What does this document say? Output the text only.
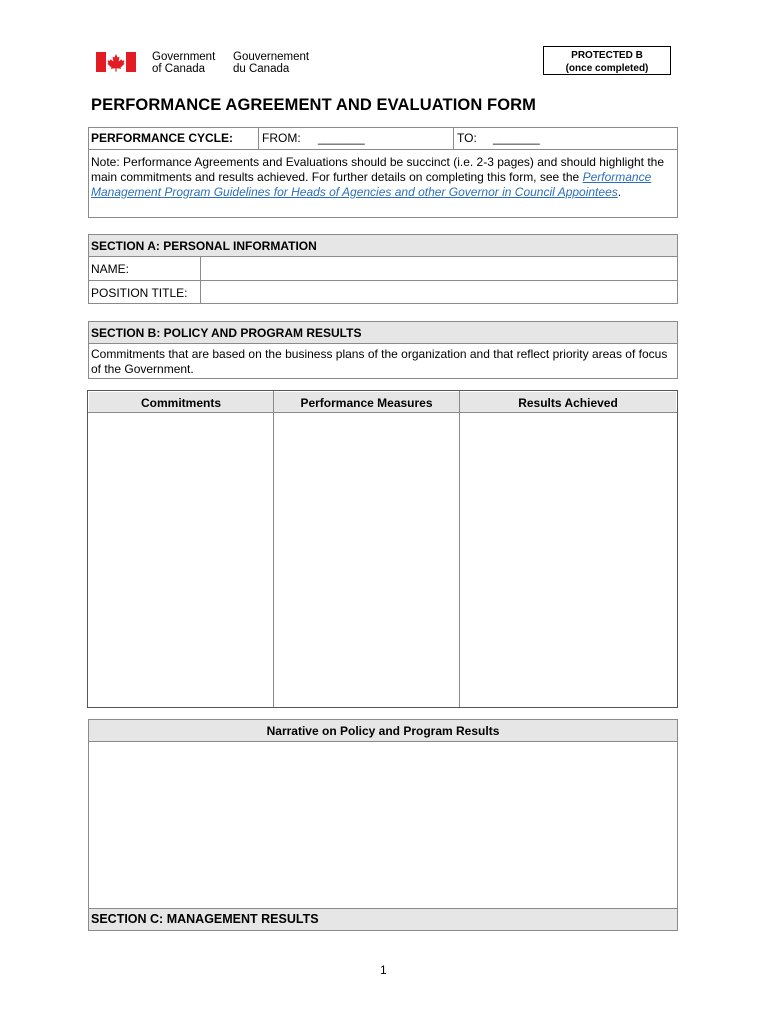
Government
of Canada
Gouvernement
du Canada
PROTECTED B
(once completed)
PERFORMANCE AGREEMENT AND EVALUATION FORM
PERFORMANCE CYCLE: FROM: _______	TO: _______
Note: Performance Agreements and Evaluations should be succinct (i.e. 2-3 pages) and should highlight the main commitments and results achieved. For further details on completing this form, see the Performance Management Program Guidelines for Heads of Agencies and other Governor in Council Appointees.
SECTION A: PERSONAL INFORMATION
NAME:
POSITION TITLE:
SECTION B: POLICY AND PROGRAM RESULTS
Commitments that are based on the business plans of the organization and that reflect priority areas of focus of the Government.
Commitments	Performance Measures	Results Achieved
Narrative on Policy and Program Results
SECTION C: MANAGEMENT RESULTS
1
